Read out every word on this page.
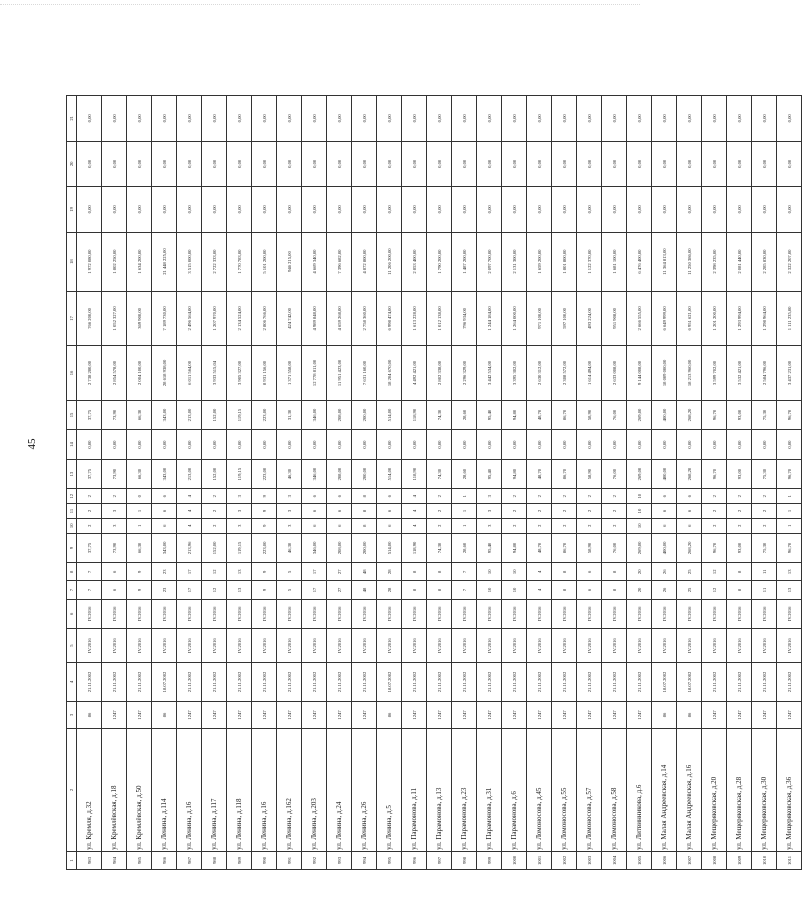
45
1	2	3	4	5	6	7	8	9	10	11	12	13	14	15	16	17	18	19	20	21
983	ул. Кремля, д.32	86	21.11.2002	IV.2016	IV.2016	7	7	37,75	2	2	2	37,75	0,00	37,75	2 738 280,00	766 200,00	1 972 080,00	0,00	0,00	0,00
984	ул. Кремлёвская, д.18	1247	21.11.2002	IV.2016	IV.2016	6	6	73,90	3	3	2	73,90	0,00	73,90	2 854 578,00	1 052 327,00	1 802 250,00	0,00	0,00	0,00
985	ул. Кремлёвская, д.50	1247	21.11.2002	IV.2016	IV.2016	9	9	66,30	1	1	0	66,30	0,00	66,30	2 004 100,00	369 900,00	1 634 200,00	0,00	0,00	0,00
986	ул. Ленина, д.114	86	18.07.2002	IV.2016	IV.2016	23	23	343,00	6	6	6	343,00	0,00	343,00	28 618 938,00	7 189 730,00	21 448 225,00	0,00	0,00	0,00
987	ул. Ленина, д.16	1247	21.11.2002	IV.2016	IV.2016	17	17	213,96	4	4	4	213,00	0,00	213,00	6 011 564,00	2 496 564,00	3 515 000,00	0,00	0,00	0,00
988	ул. Ленина, д.117	1247	21.11.2002	IV.2016	IV.2016	12	12	152,00	2	2	2	152,00	0,00	152,00	3 933 515,04	1 207 970,00	2 722 333,00	0,00	0,00	0,00
989	ул. Ленина, д.118	1247	21.11.2002	IV.2016	IV.2016	13	13	119,15	3	3	3	119,15	0,00	119,15	3 905 327,00	2 134 524,00	1 770 783,00	0,00	0,00	0,00
990	ул. Ленина, д.16	1247	21.11.2002	IV.2016	IV.2016	9	9	223,00	9	9	9	223,00	0,00	223,00	8 931 156,00	2 806 766,00	5 101 200,00	0,00	0,00	0,00
991	ул. Ленина, д.162	1247	21.11.2002	IV.2016	IV.2016	5	5	46,30	3	3	3	46,30	0,00	31,30	1 371 558,00	424 742,00	946 215,00	0,00	0,00	0,00
992	ул. Ленина, д.203	1247	21.11.2002	IV.2016	IV.2016	17	17	346,00	6	6	6	346,00	0,00	346,00	12 778 811,00	4 989 848,00	4 669 340,00	0,00	0,00	0,00
993	ул. Ленина, д.24	1247	21.11.2002	IV.2016	IV.2016	27	27	208,00	6	6	6	208,00	0,00	208,00	11 951 423,00	4 659 268,00	7 396 682,00	0,00	0,00	0,00
994	ул. Ленина, д.26	1247	21.11.2002	IV.2016	IV.2016	48	48	200,00	8	8	8	200,00	0,00	200,00	7 631 160,00	2 758 360,00	4 872 800,00	0,00	0,00	0,00
995	ул. Ленина, д.5	86	18.07.2002	IV.2016	IV.2016	28	28	514,00	6	6	6	514,00	0,00	514,00	18 204 670,00	6 998 474,00	11 206 200,00	0,00	0,00	0,00
996	ул. Парамонова, д.11	1247	21.11.2002	IV.2016	IV.2016	8	8	118,90	4	4	4	118,90	0,00	118,90	4 492 421,00	1 613 228,00	2 853 400,00	0,00	0,00	0,00
997	ул. Парамонова, д.13	1247	21.11.2002	IV.2016	IV.2016	8	8	74,30	2	2	2	74,30	0,00	74,30	2 802 338,00	1 012 138,00	1 790 200,00	0,00	0,00	0,00
998	ул. Парамонова, д.23	1247	21.11.2002	IV.2016	IV.2016	7	7	28,60	1	1	1	28,60	0,00	28,60	2 296 329,00	796 934,00	1 487 200,00	0,00	0,00	0,00
999	ул. Парамонова, д.31	1247	21.11.2002	IV.2016	IV.2016	10	10	95,40	3	3	3	95,40	0,00	95,40	3 442 534,00	1 244 184,00	2 097 700,00	0,00	0,00	0,00
1000	ул. Парамонова, д.6	1247	21.11.2002	IV.2016	IV.2016	10	10	94,80	2	2	2	94,80	0,00	94,80	3 395 302,00	1 264 000,00	2 131 300,00	0,00	0,00	0,00
1001	ул. Ломоносова, д.45	1247	21.11.2002	IV.2016	IV.2016	4	4	48,70	2	2	2	48,70	0,00	48,70	2 630 312,00	971 100,00	1 659 200,00	0,00	0,00	0,00
1002	ул. Ломоносова, д.55	1247	21.11.2002	IV.2016	IV.2016	8	8	86,70	2	2	2	86,70	0,00	86,70	2 308 572,00	597 100,00	1 801 800,00	0,00	0,00	0,00
1003	ул. Ломоносова, д.57	1247	21.11.2002	IV.2016	IV.2016	6	6	58,90	2	2	2	58,90	0,00	58,90	1 614 494,00	493 224,00	1 122 370,00	0,00	0,00	0,00
1004	ул. Ломоносова, д.58	1247	21.11.2002	IV.2016	IV.2016	8	8	76,00	2	2	2	76,00	0,00	76,00	2 633 008,00	951 908,00	1 681 100,00	0,00	0,00	0,00
1005	ул. Литвинникова, д.6	1247	21.11.2002	IV.2016	IV.2016	20	20	269,00	10	10	10	269,00	0,00	269,00	9 144 008,00	2 666 555,00	6 476 400,00	0,00	0,00	0,00
1006	ул. Малая Андреевская, д.14	86	18.07.2002	IV.2016	IV.2016	26	26	400,00	6	6	6	400,00	0,00	400,00	18 009 000,00	6 649 999,00	11 364 813,00	0,00	0,00	0,00
1007	ул. Малая Андреевская, д.16	86	18.07.2002	IV.2016	IV.2016	25	25	268,20	6	6	6	268,20	0,00	268,20	18 213 960,00	6 951 621,00	11 250 386,00	0,00	0,00	0,00
1008	ул. Мещеряковская, д.20	1247	21.11.2002	IV.2016	IV.2016	12	12	96,70	2	2	2	96,70	0,00	96,70	3 599 702,00	1 201 200,00	2 398 235,00	0,00	0,00	0,00
1009	ул. Мещеряковская, д.28	1247	21.11.2002	IV.2016	IV.2016	8	8	93,00	2	2	2	93,00	0,00	93,00	3 532 421,00	1 293 994,00	2 081 440,00	0,00	0,00	0,00
1010	ул. Мещеряковская, д.30	1247	21.11.2002	IV.2016	IV.2016	11	11	75,30	2	2	2	75,30	0,00	75,30	2 584 796,00	1 298 964,00	2 285 830,00	0,00	0,00	0,00
1011	ул. Мещеряковская, д.36	1247	21.11.2002	IV.2016	IV.2016	13	13	96,70	1	1	1	96,70	0,00	96,70	3 437 231,00	1 111 235,00	2 322 207,00	0,00	0,00	0,00
